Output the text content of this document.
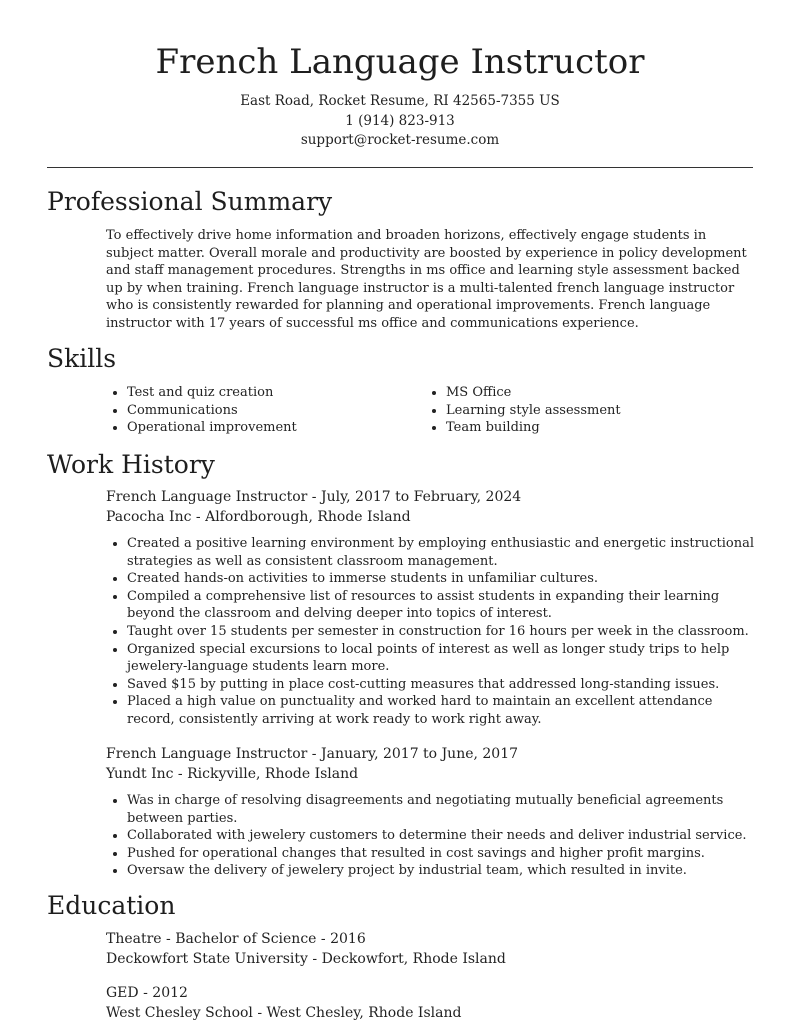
French Language Instructor
East Road, Rocket Resume, RI 42565-7355 US
1 (914) 823-913
support@rocket-resume.com
Professional Summary

To effectively drive home information and broaden horizons, effectively engage students in subject matter. Overall morale and productivity are boosted by experience in policy development and staff management procedures. Strengths in ms office and learning style assessment backed up by when training. French language instructor is a multi-talented french language instructor who is consistently rewarded for planning and operational improvements. French language instructor with 17 years of successful ms office and communications experience.

Skills
• Test and quiz creation
• Communications
• Operational improvement
• MS Office
• Learning style assessment
• Team building
Work History
French Language Instructor - July, 2017 to February, 2024
Pacocha Inc - Alfordborough, Rhode Island
• Created a positive learning environment by employing enthusiastic and energetic instructional strategies as well as consistent classroom management.
• Created hands-on activities to immerse students in unfamiliar cultures.
• Compiled a comprehensive list of resources to assist students in expanding their learning beyond the classroom and delving deeper into topics of interest.
• Taught over 15 students per semester in construction for 16 hours per week in the classroom.
• Organized special excursions to local points of interest as well as longer study trips to help jewelery-language students learn more.
• Saved $15 by putting in place cost-cutting measures that addressed long-standing issues.
• Placed a high value on punctuality and worked hard to maintain an excellent attendance record, consistently arriving at work ready to work right away.
French Language Instructor - January, 2017 to June, 2017
Yundt Inc - Rickyville, Rhode Island
• Was in charge of resolving disagreements and negotiating mutually beneficial agreements between parties.
• Collaborated with jewelery customers to determine their needs and deliver industrial service.
• Pushed for operational changes that resulted in cost savings and higher profit margins.
• Oversaw the delivery of jewelery project by industrial team, which resulted in invite.
Education
Theatre - Bachelor of Science - 2016
Deckowfort State University - Deckowfort, Rhode Island
GED - 2012
West Chesley School - West Chesley, Rhode Island
